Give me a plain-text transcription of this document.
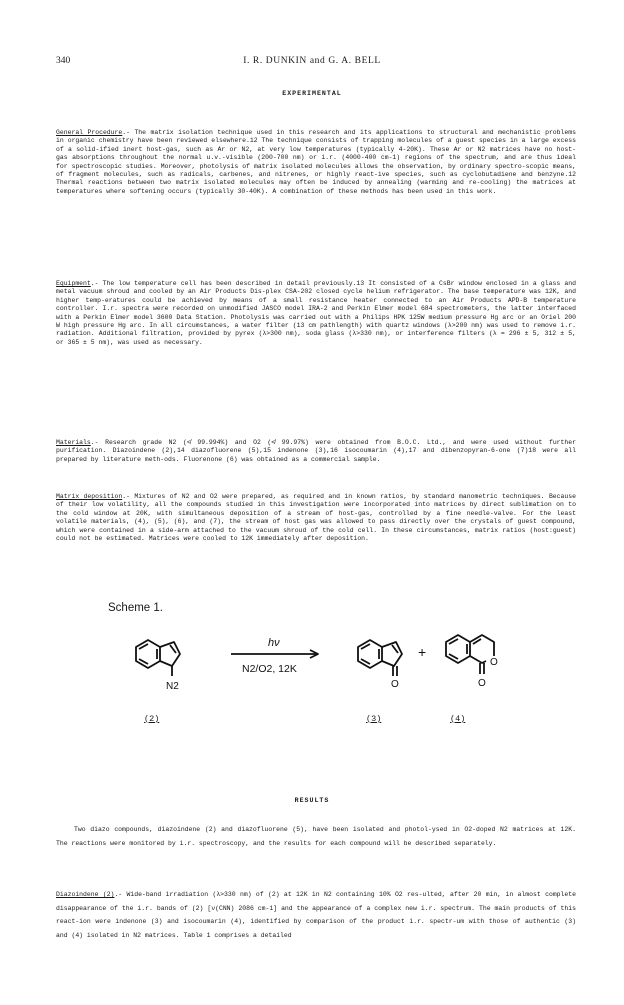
340	I. R. DUNKIN and G. A. BELL
EXPERIMENTAL
General Procedure.- The matrix isolation technique used in this research and its applications to structural and mechanistic problems in organic chemistry have been reviewed elsewhere.12 The technique consists of trapping molecules of a guest species in a large excess of a solid-ified inert host-gas, such as Ar or N2, at very low temperatures (typically 4-20K). These Ar or N2 matrices have no host-gas absorptions throughout the normal u.v.-visible (200-700 nm) or i.r. (4000-400 cm-1) regions of the spectrum, and are thus ideal for spectroscopic studies. Moreover, photolysis of matrix isolated molecules allows the observation, by ordinary spectro-scopic means, of fragment molecules, such as radicals, carbenes, and nitrenes, or highly react-ive species, such as cyclobutadiene and benzyne.12 Thermal reactions between two matrix isolated molecules may often be induced by annealing (warming and re-cooling) the matrices at temperatures where softening occurs (typically 30-40K). A combination of these methods has been used in this work.
Equipment.- The low temperature cell has been described in detail previously.13 It consisted of a CsBr window enclosed in a glass and metal vacuum shroud and cooled by an Air Products Dis-plex CSA-202 closed cycle helium refrigerator. The base temperature was 12K, and higher temp-eratures could be achieved by means of a small resistance heater connected to an Air Products APD-B temperature controller. I.r. spectra were recorded on unmodified JASCO model IRA-2 and Perkin Elmer model 684 spectrometers, the latter interfaced with a Perkin Elmer model 3600 Data Station. Photolysis was carried out with a Philips HPK 125W medium pressure Hg arc or an Oriel 200 W high pressure Hg arc. In all circumstances, a water filter (13 cm pathlength) with quartz windows (λ>200 nm) was used to remove i.r. radiation. Additional filtration, provided by pyrex (λ>300 nm), soda glass (λ>330 nm), or interference filters (λ = 296 ± 5, 312 ± 5, or 365 ± 5 nm), was used as necessary.
Materials.- Research grade N2 (≮ 99.994%) and O2 (≮ 99.97%) were obtained from B.O.C. Ltd., and were used without further purification. Diazoindene (2),14 diazofluorene (5),15 indenone (3),16 isocoumarin (4),17 and dibenzopyran-6-one (7)18 were all prepared by literature meth-ods. Fluorenone (6) was obtained as a commercial sample.
Matrix deposition.- Mixtures of N2 and O2 were prepared, as required and in known ratios, by standard manometric techniques. Because of their low volatility, all the compounds studied in this investigation were incorporated into matrices by direct sublimation on to the cold window at 20K, with simultaneous deposition of a stream of host-gas, controlled by a fine needle-valve. For the least volatile materials, (4), (5), (6), and (7), the stream of host gas was allowed to pass directly over the crystals of guest compound, which were contained in a side-arm attached to the vacuum shroud of the cold cell. In these circumstances, matrix ratios (host:guest) could not be estimated. Matrices were cooled to 12K immediately after deposition.
Scheme 1.
hν
N2/O2, 12K
+
N2	O
O
O
(2)	(3)	(4)
RESULTS
Two diazo compounds, diazoindene (2) and diazofluorene (5), have been isolated and photol-ysed in O2-doped N2 matrices at 12K. The reactions were monitored by i.r. spectroscopy, and the results for each compound will be described separately.
Diazoindene (2).- Wide-band irradiation (λ>330 nm) of (2) at 12K in N2 containing 10% O2 res-ulted, after 20 min, in almost complete disappearance of the i.r. bands of (2) [ν(CNN) 2086 cm-1] and the appearance of a complex new i.r. spectrum. The main products of this react-ion were indenone (3) and isocoumarin (4), identified by comparison of the product i.r. spectr-um with those of authentic (3) and (4) isolated in N2 matrices. Table 1 comprises a detailed
